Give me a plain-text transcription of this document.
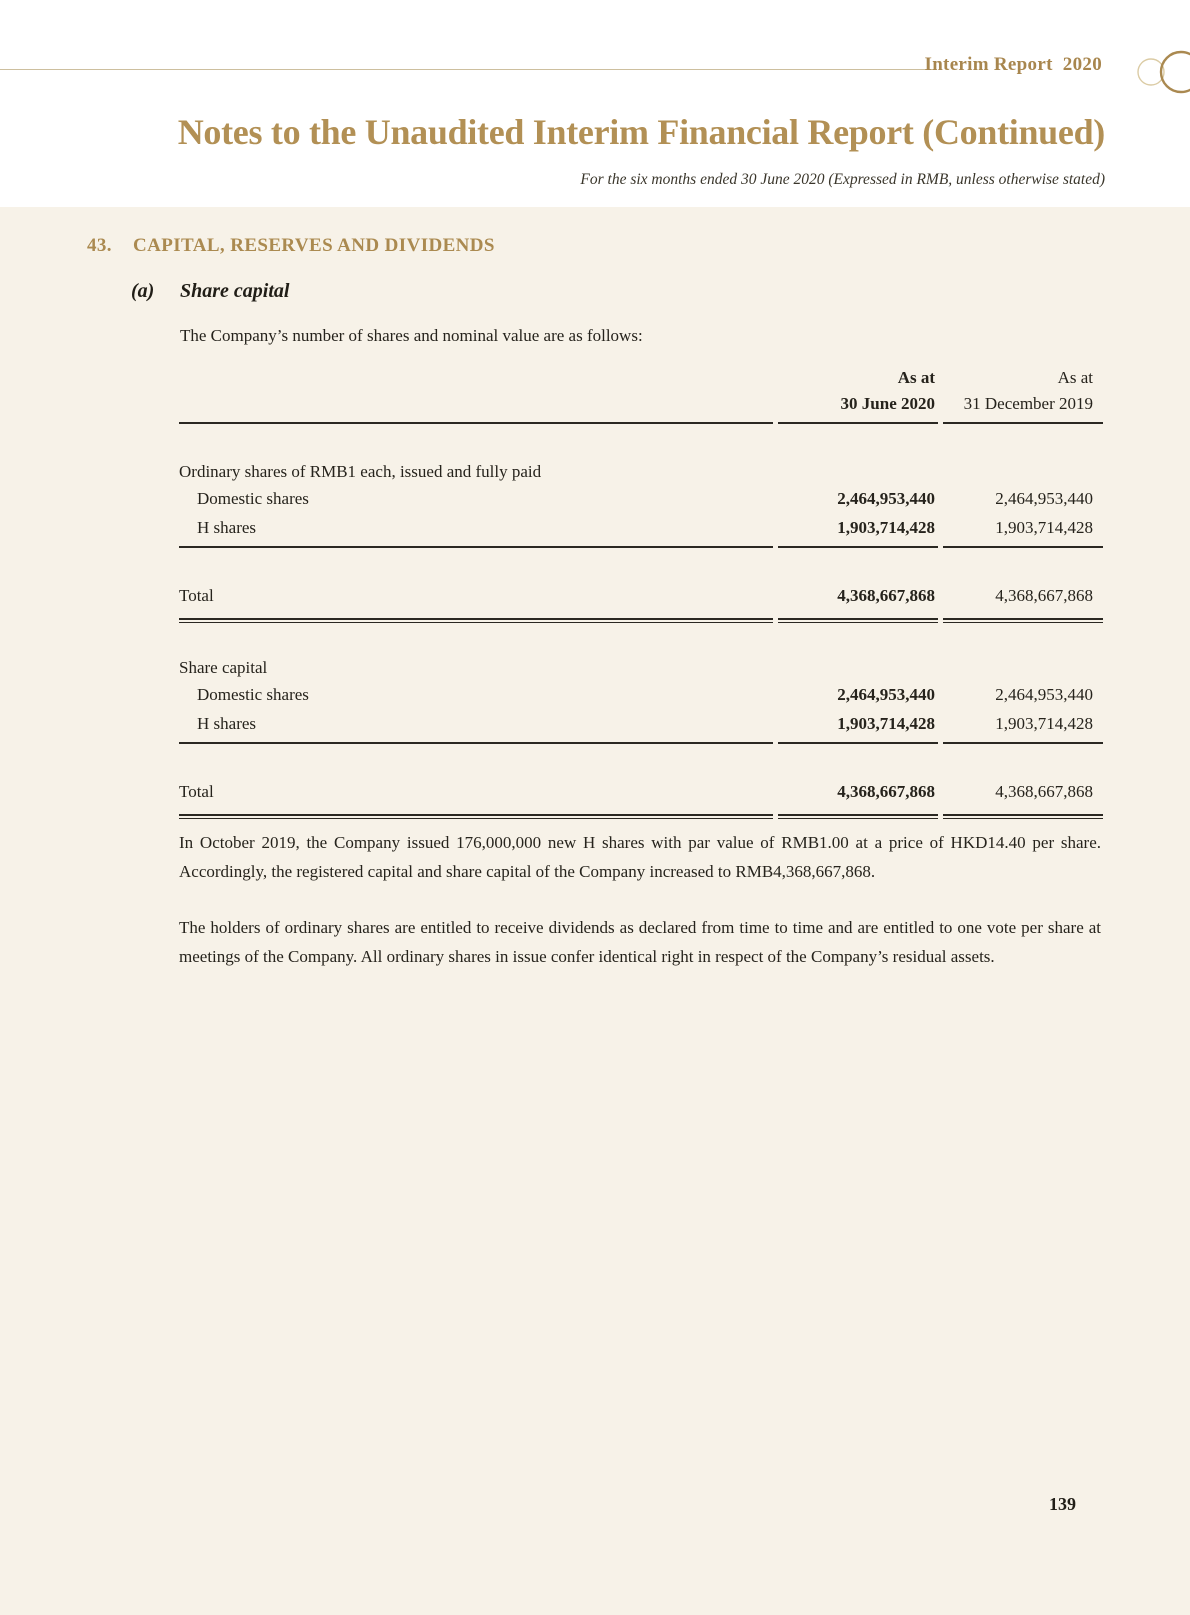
Interim Report  2020
Notes to the Unaudited Interim Financial Report (Continued)
For the six months ended 30 June 2020 (Expressed in RMB, unless otherwise stated)
43. CAPITAL, RESERVES AND DIVIDENDS
(a) Share capital
The Company’s number of shares and nominal value are as follows:
As at	As at
30 June 2020	31 December 2019
Ordinary shares of RMB1 each, issued and fully paid
Domestic shares	2,464,953,440	2,464,953,440
H shares	1,903,714,428	1,903,714,428
Total	4,368,667,868	4,368,667,868
Share capital
Domestic shares	2,464,953,440	2,464,953,440
H shares	1,903,714,428	1,903,714,428
Total	4,368,667,868	4,368,667,868
In October 2019, the Company issued 176,000,000 new H shares with par value of RMB1.00 at a price of HKD14.40 per share. Accordingly, the registered capital and share capital of the Company increased to RMB4,368,667,868.
The holders of ordinary shares are entitled to receive dividends as declared from time to time and are entitled to one vote per share at meetings of the Company. All ordinary shares in issue confer identical right in respect of the Company’s residual assets.
139
